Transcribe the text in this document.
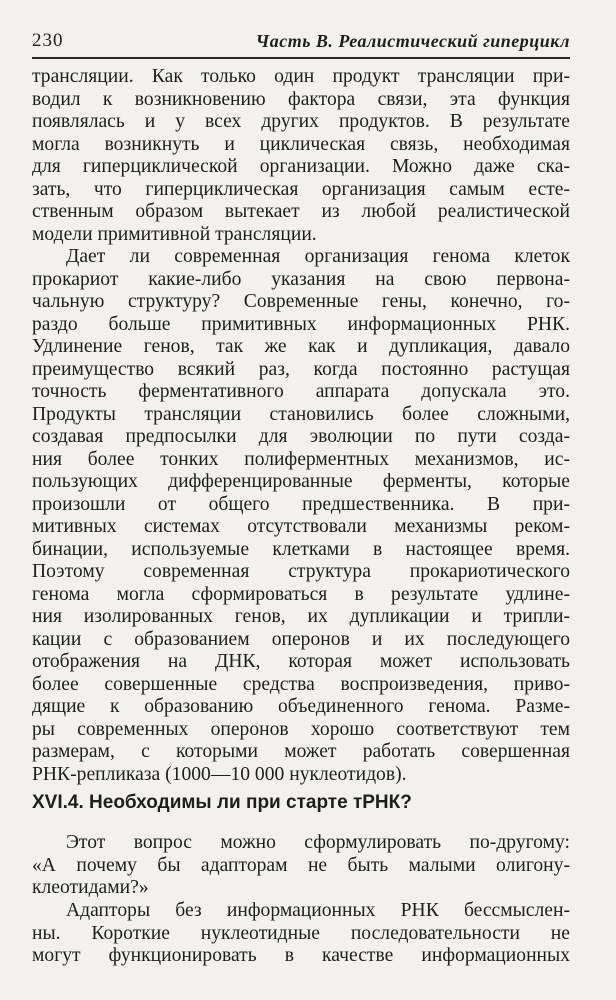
230	Часть В. Реалистический гиперцикл
трансляции. Как только один продукт трансляции при-
водил к возникновению фактора связи, эта функция
появлялась и у всех других продуктов. В результате
могла возникнуть и циклическая связь, необходимая
для гиперциклической организации. Можно даже ска-
зать, что гиперциклическая организация самым есте-
ственным образом вытекает из любой реалистической
модели примитивной трансляции.
Дает ли современная организация генома клеток
прокариот какие-либо указания на свою первона-
чальную структуру? Современные гены, конечно, го-
раздо больше примитивных информационных РНК.
Удлинение генов, так же как и дупликация, давало
преимущество всякий раз, когда постоянно растущая
точность ферментативного аппарата допускала это.
Продукты трансляции становились более сложными,
создавая предпосылки для эволюции по пути созда-
ния более тонких полиферментных механизмов, ис-
пользующих дифференцированные ферменты, которые
произошли от общего предшественника. В при-
митивных системах отсутствовали механизмы реком-
бинации, используемые клетками в настоящее время.
Поэтому современная структура прокариотического
генома могла сформироваться в результате удлине-
ния изолированных генов, их дупликации и трипли-
кации с образованием оперонов и их последующего
отображения на ДНК, которая может использовать
более совершенные средства воспроизведения, приво-
дящие к образованию объединенного генома. Разме-
ры современных оперонов хорошо соответствуют тем
размерам, с которыми может работать совершенная
РНК-репликаза (1000—10 000 нуклеотидов).
XVI.4. Необходимы ли при старте тРНК?
Этот вопрос можно сформулировать по-другому:
«А почему бы адапторам не быть малыми олигону-
клеотидами?»
Адапторы без информационных РНК бессмыслен-
ны. Короткие нуклеотидные последовательности не
могут функционировать в качестве информационных
